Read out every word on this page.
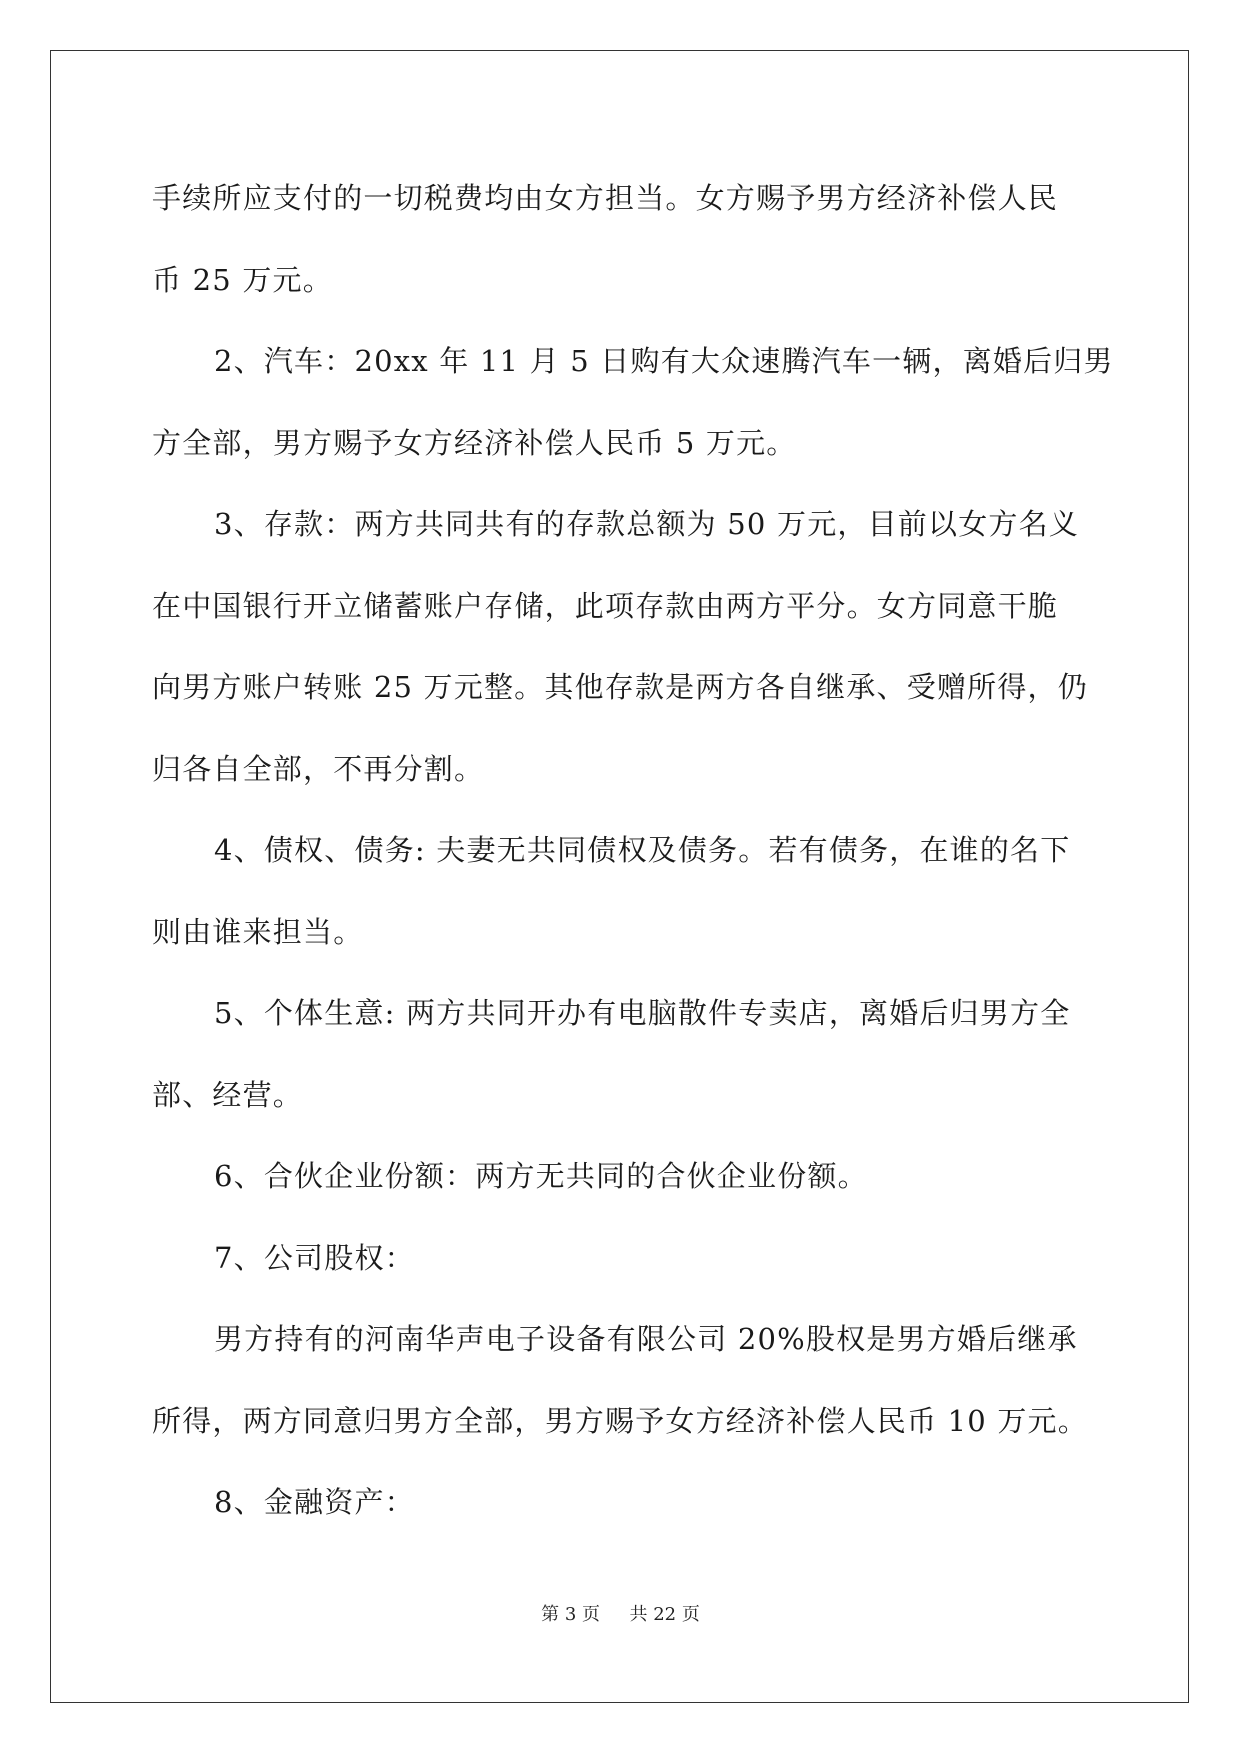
手续所应支付的一切税费均由女方担当。女方赐予男方经济补偿人民

币 25 万元。

2、汽车：20xx 年 11 月 5 日购有大众速腾汽车一辆，离婚后归男

方全部，男方赐予女方经济补偿人民币 5 万元。

3、存款：两方共同共有的存款总额为 50 万元，目前以女方名义

在中国银行开立储蓄账户存储，此项存款由两方平分。女方同意干脆

向男方账户转账 25 万元整。其他存款是两方各自继承、受赠所得，仍

归各自全部，不再分割。

4、债权、债务: 夫妻无共同债权及债务。若有债务，在谁的名下

则由谁来担当。

5、个体生意: 两方共同开办有电脑散件专卖店，离婚后归男方全

部、经营。

6、合伙企业份额：两方无共同的合伙企业份额。

7、公司股权：

男方持有的河南华声电子设备有限公司 20%股权是男方婚后继承

所得，两方同意归男方全部，男方赐予女方经济补偿人民币 10 万元。

8、金融资产：

第 3 页 共 22 页
